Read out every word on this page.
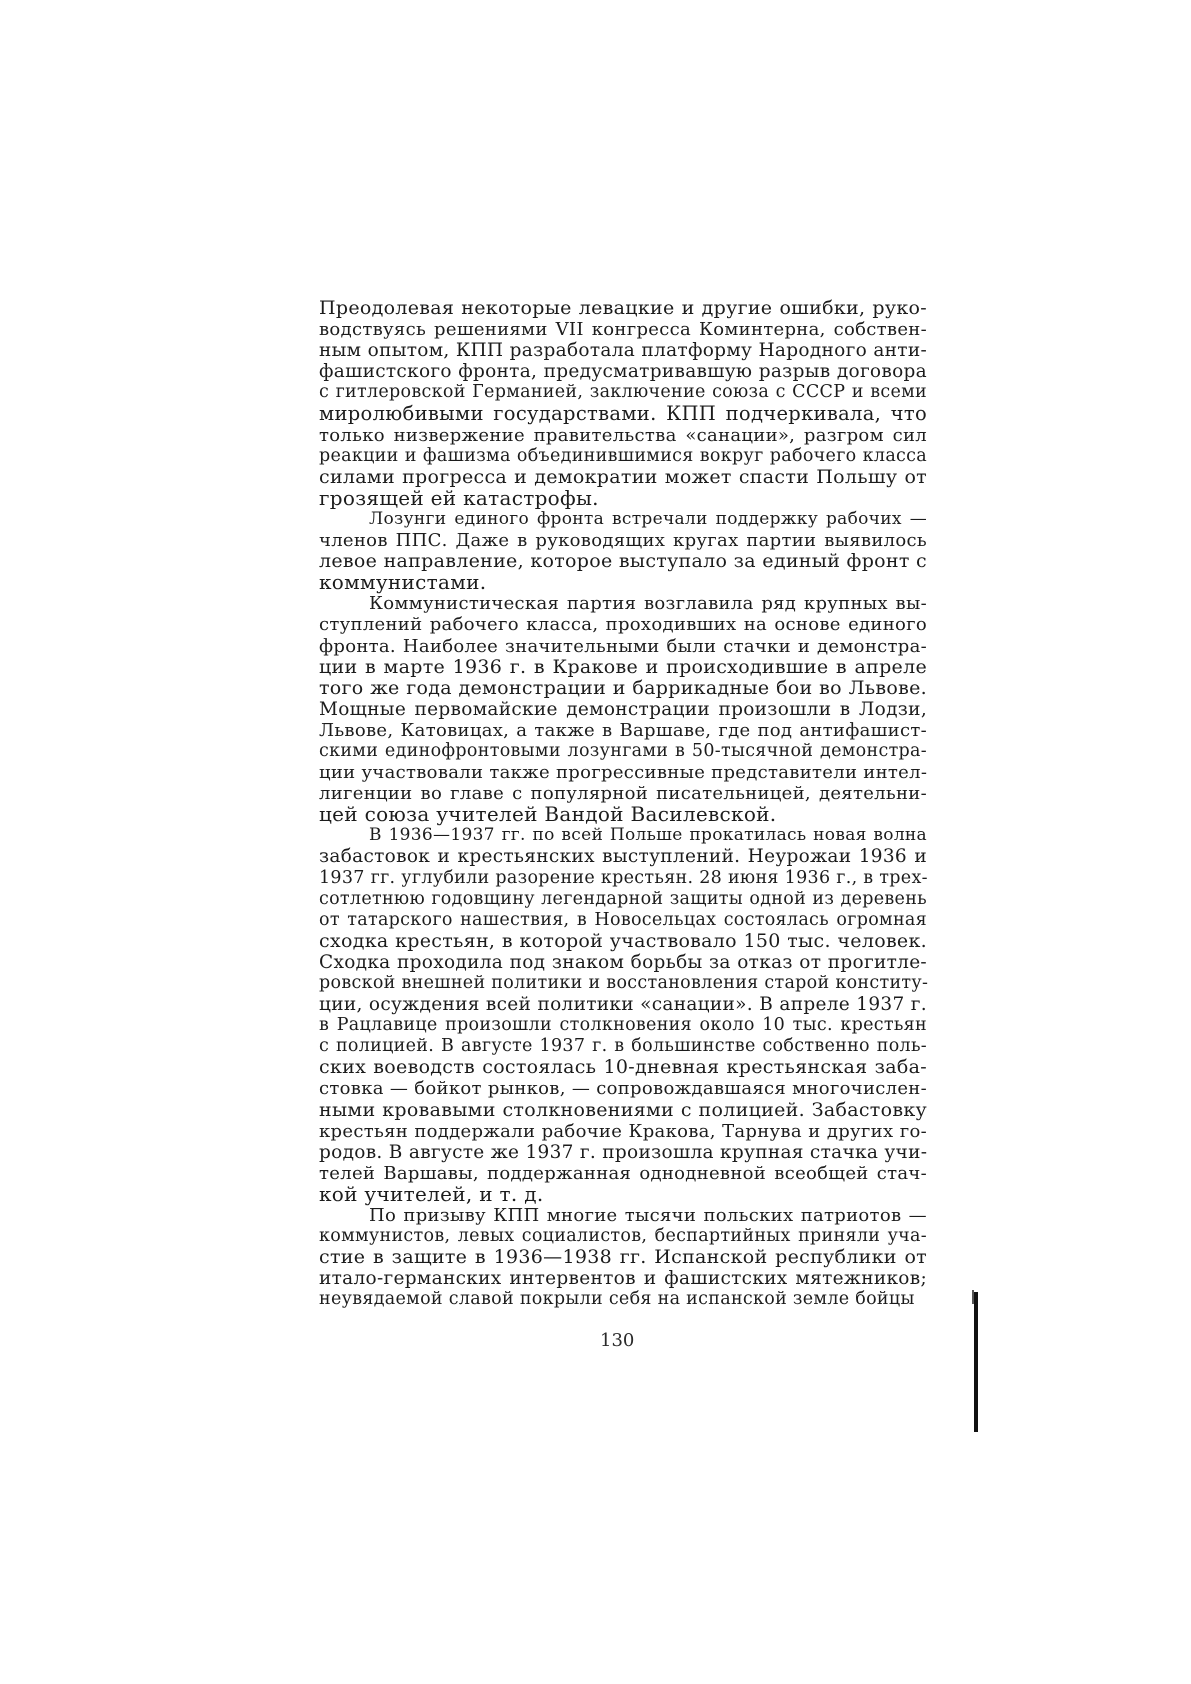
Преодолевая некоторые левацкие и другие ошибки, руко-
водствуясь решениями VII конгресса Коминтерна, собствен-
ным опытом, КПП разработала платформу Народного анти-
фашистского фронта, предусматривавшую разрыв договора
с гитлеровской Германией, заключение союза с СССР и всеми
миролюбивыми государствами. КПП подчеркивала, что
только низвержение правительства «санации», разгром сил
реакции и фашизма объединившимися вокруг рабочего класса
силами прогресса и демократии может спасти Польшу от
грозящей ей катастрофы.
Лозунги единого фронта встречали поддержку рабочих —
членов ППС. Даже в руководящих кругах партии выявилось
левое направление, которое выступало за единый фронт с
коммунистами.
Коммунистическая партия возглавила ряд крупных вы-
ступлений рабочего класса, проходивших на основе единого
фронта. Наиболее значительными были стачки и демонстра-
ции в марте 1936 г. в Кракове и происходившие в апреле
того же года демонстрации и баррикадные бои во Львове.
Мощные первомайские демонстрации произошли в Лодзи,
Львове, Катовицах, а также в Варшаве, где под антифашист-
скими единофронтовыми лозунгами в 50-тысячной демонстра-
ции участвовали также прогрессивные представители интел-
лигенции во главе с популярной писательницей, деятельни-
цей союза учителей Вандой Василевской.
В 1936—1937 гг. по всей Польше прокатилась новая волна
забастовок и крестьянских выступлений. Неурожаи 1936 и
1937 гг. углубили разорение крестьян. 28 июня 1936 г., в трех-
сотлетнюю годовщину легендарной защиты одной из деревень
от татарского нашествия, в Новосельцах состоялась огромная
сходка крестьян, в которой участвовало 150 тыс. человек.
Сходка проходила под знаком борьбы за отказ от прогитле-
ровской внешней политики и восстановления старой конститу-
ции, осуждения всей политики «санации». В апреле 1937 г.
в Рацлавице произошли столкновения около 10 тыс. крестьян
с полицией. В августе 1937 г. в большинстве собственно поль-
ских воеводств состоялась 10-дневная крестьянская заба-
стовка — бойкот рынков, — сопровождавшаяся многочислен-
ными кровавыми столкновениями с полицией. Забастовку
крестьян поддержали рабочие Кракова, Тарнува и других го-
родов. В августе же 1937 г. произошла крупная стачка учи-
телей Варшавы, поддержанная однодневной всеобщей стач-
кой учителей, и т. д.
По призыву КПП многие тысячи польских патриотов —
коммунистов, левых социалистов, беспартийных приняли уча-
стие в защите в 1936—1938 гг. Испанской республики от
итало-германских интервентов и фашистских мятежников;
неувядаемой славой покрыли себя на испанской земле бойцы
130
